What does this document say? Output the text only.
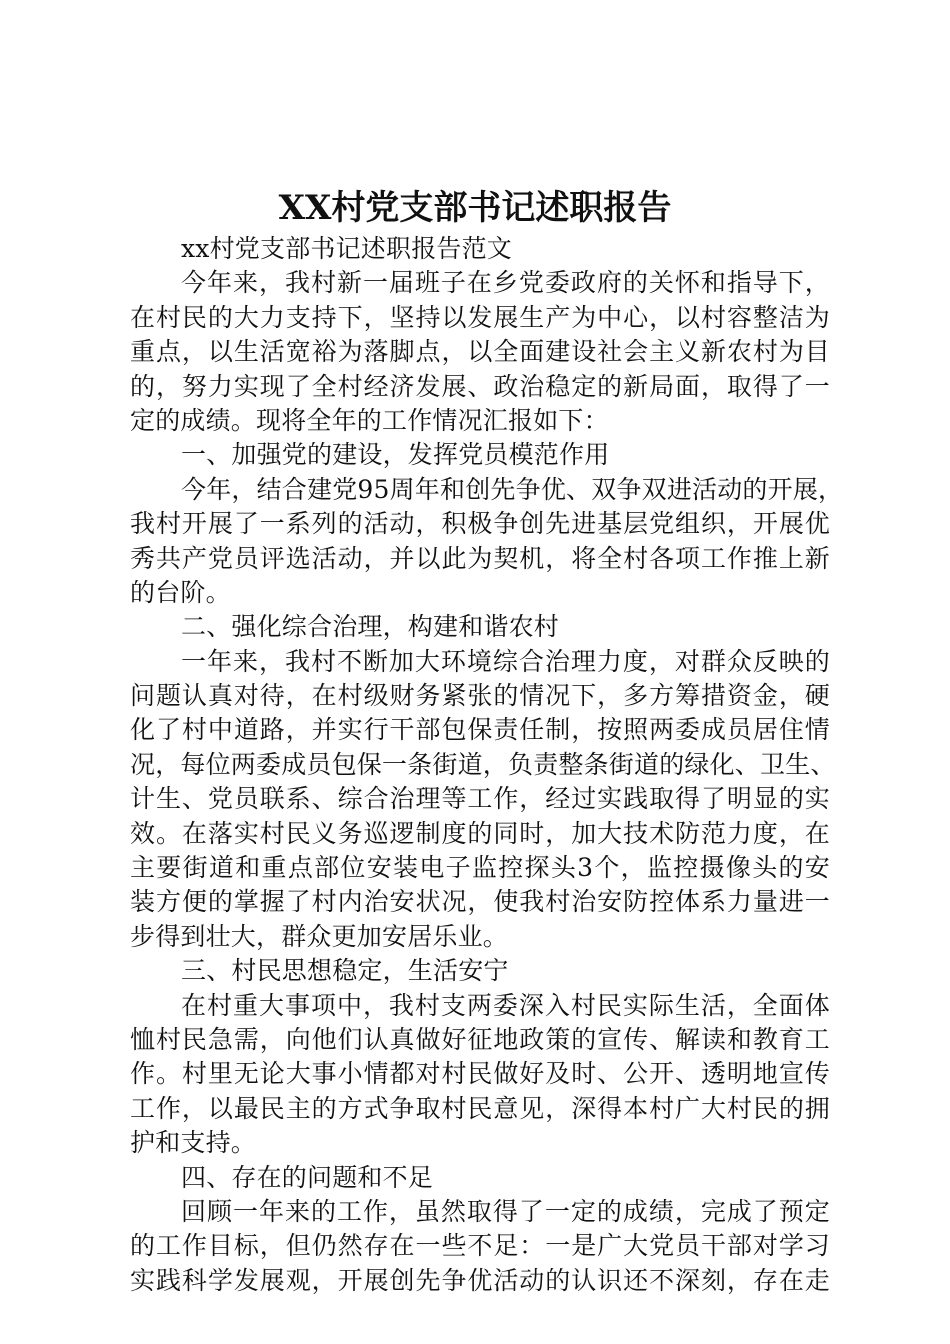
XX村党支部书记述职报告
xx村党支部书记述职报告范文
今年来，我村新一届班子在乡党委政府的关怀和指导下，
在村民的大力支持下，坚持以发展生产为中心，以村容整洁为
重点，以生活宽裕为落脚点，以全面建设社会主义新农村为目
的，努力实现了全村经济发展、政治稳定的新局面，取得了一
定的成绩。现将全年的工作情况汇报如下：
一、加强党的建设，发挥党员模范作用
今年，结合建党95周年和创先争优、双争双进活动的开展，
我村开展了一系列的活动，积极争创先进基层党组织，开展优
秀共产党员评选活动，并以此为契机，将全村各项工作推上新
的台阶。
二、强化综合治理，构建和谐农村
一年来，我村不断加大环境综合治理力度，对群众反映的
问题认真对待，在村级财务紧张的情况下，多方筹措资金，硬
化了村中道路，并实行干部包保责任制，按照两委成员居住情
况，每位两委成员包保一条街道，负责整条街道的绿化、卫生、
计生、党员联系、综合治理等工作，经过实践取得了明显的实
效。在落实村民义务巡逻制度的同时，加大技术防范力度，在
主要街道和重点部位安装电子监控探头3个，监控摄像头的安
装方便的掌握了村内治安状况，使我村治安防控体系力量进一
步得到壮大，群众更加安居乐业。
三、村民思想稳定，生活安宁
在村重大事项中，我村支两委深入村民实际生活，全面体
恤村民急需，向他们认真做好征地政策的宣传、解读和教育工
作。村里无论大事小情都对村民做好及时、公开、透明地宣传
工作，以最民主的方式争取村民意见，深得本村广大村民的拥
护和支持。
四、存在的问题和不足
回顾一年来的工作，虽然取得了一定的成绩，完成了预定
的工作目标，但仍然存在一些不足：一是广大党员干部对学习
实践科学发展观，开展创先争优活动的认识还不深刻，存在走
